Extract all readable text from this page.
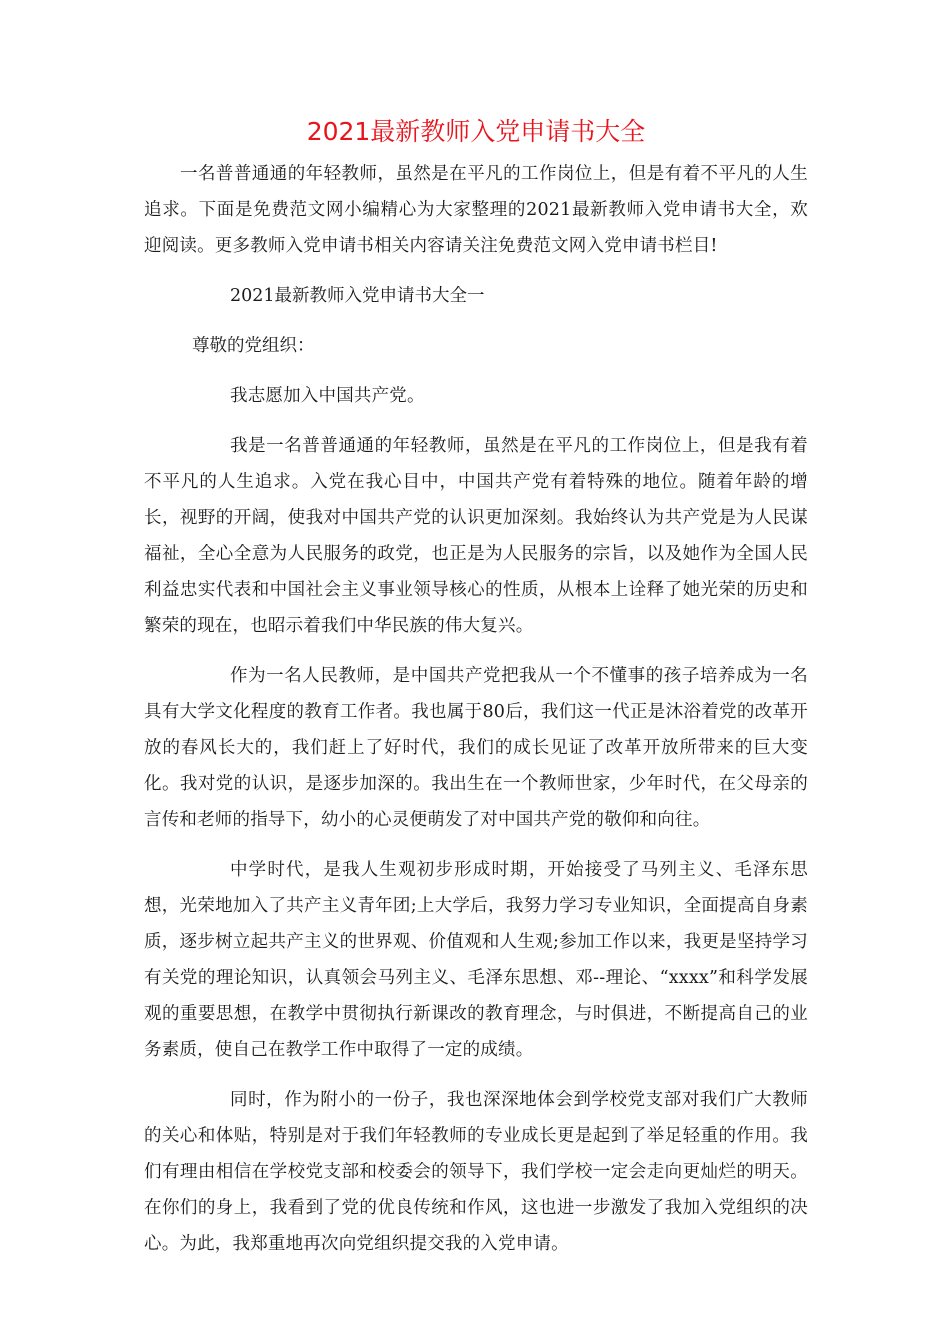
2021最新教师入党申请书大全

一名普普通通的年轻教师，虽然是在平凡的工作岗位上，但是有着不平凡的人生追求。下面是免费范文网小编精心为大家整理的2021最新教师入党申请书大全，欢迎阅读。更多教师入党申请书相关内容请关注免费范文网入党申请书栏目!

2021最新教师入党申请书大全一

尊敬的党组织：

我志愿加入中国共产党。

我是一名普普通通的年轻教师，虽然是在平凡的工作岗位上，但是我有着不平凡的人生追求。入党在我心目中，中国共产党有着特殊的地位。随着年龄的增长，视野的开阔，使我对中国共产党的认识更加深刻。我始终认为共产党是为人民谋福祉，全心全意为人民服务的政党，也正是为人民服务的宗旨，以及她作为全国人民利益忠实代表和中国社会主义事业领导核心的性质，从根本上诠释了她光荣的历史和繁荣的现在，也昭示着我们中华民族的伟大复兴。

作为一名人民教师，是中国共产党把我从一个不懂事的孩子培养成为一名具有大学文化程度的教育工作者。我也属于80后，我们这一代正是沐浴着党的改革开放的春风长大的，我们赶上了好时代，我们的成长见证了改革开放所带来的巨大变化。我对党的认识，是逐步加深的。我出生在一个教师世家，少年时代，在父母亲的言传和老师的指导下，幼小的心灵便萌发了对中国共产党的敬仰和向往。

中学时代，是我人生观初步形成时期，开始接受了马列主义、毛泽东思想，光荣地加入了共产主义青年团;上大学后，我努力学习专业知识，全面提高自身素质，逐步树立起共产主义的世界观、价值观和人生观;参加工作以来，我更是坚持学习有关党的理论知识，认真领会马列主义、毛泽东思想、邓--理论、“xxxx”和科学发展观的重要思想，在教学中贯彻执行新课改的教育理念，与时俱进，不断提高自己的业务素质，使自己在教学工作中取得了一定的成绩。

同时，作为附小的一份子，我也深深地体会到学校党支部对我们广大教师的关心和体贴，特别是对于我们年轻教师的专业成长更是起到了举足轻重的作用。我们有理由相信在学校党支部和校委会的领导下，我们学校一定会走向更灿烂的明天。在你们的身上，我看到了党的优良传统和作风，这也进一步激发了我加入党组织的决心。为此，我郑重地再次向党组织提交我的入党申请。
